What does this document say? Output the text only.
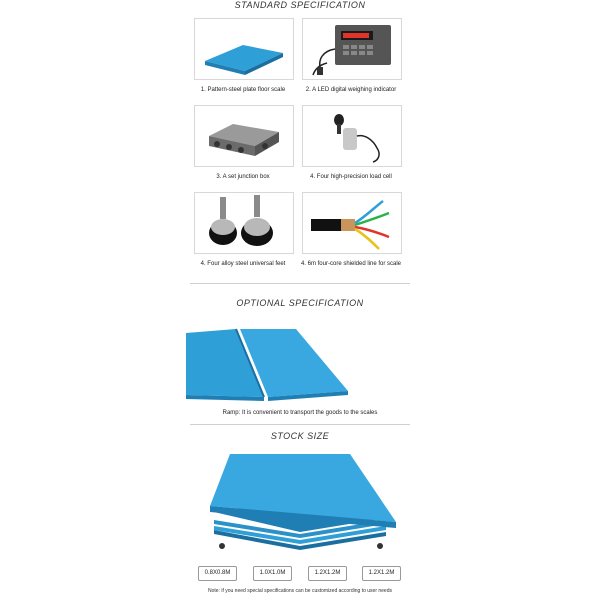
STANDARD SPECIFICATION
1. Pattern-steel plate floor scale	2. A LED digital weighing indicator
3. A set junction box	4. Four high-precision load cell
4. Four alloy steel universal feet	4. 6m four-core shielded line for scale
OPTIONAL SPECIFICATION
Ramp: It is convenient to transport the goods to the scales
STOCK SIZE
0.8X0.8M	1.0X1.0M	1.2X1.2M	1.2X1.2M
Note: if you need special specifications can be customized according to user needs
